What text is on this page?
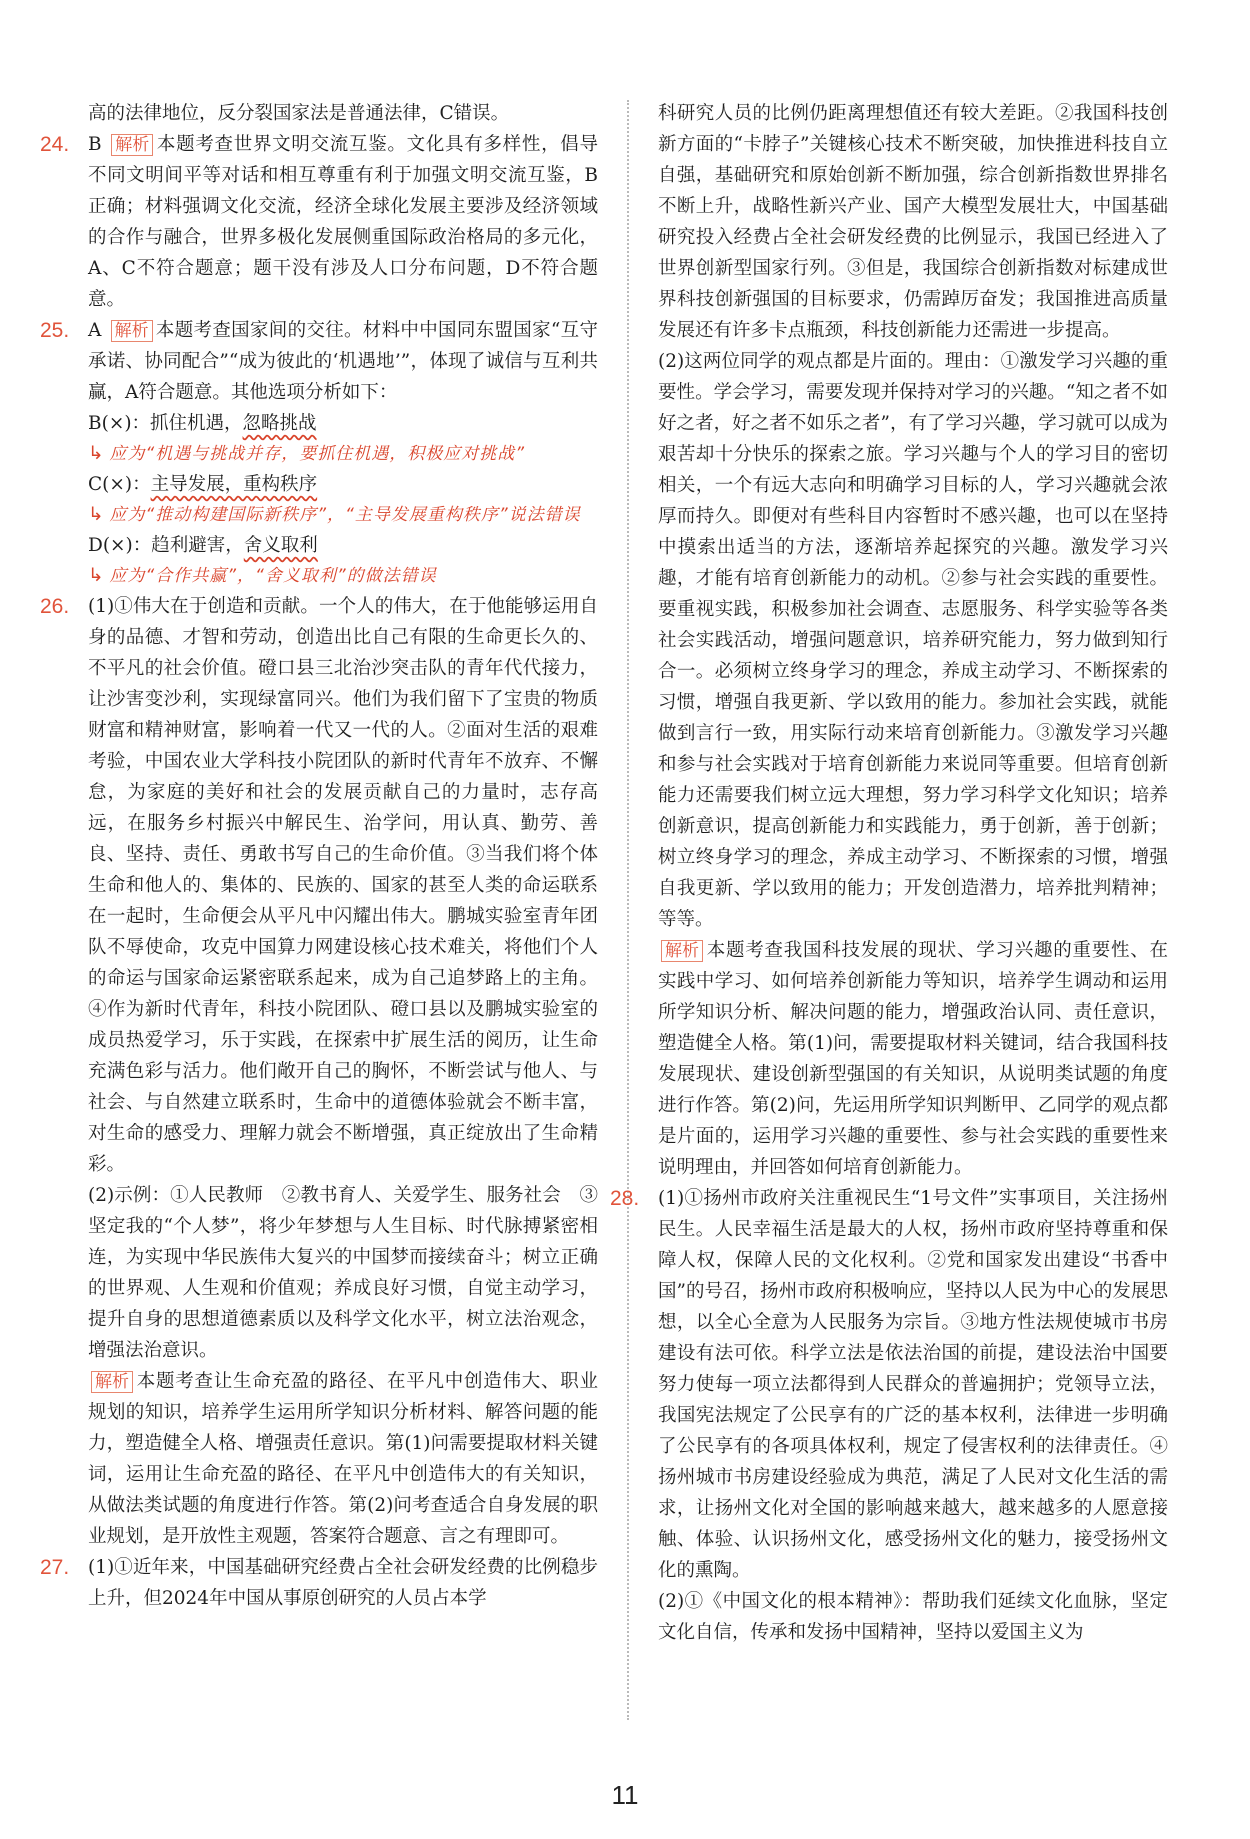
高的法律地位，反分裂国家法是普通法律，C错误。

24. B 解析 本题考查世界文明交流互鉴。文化具有多样性，倡导不同文明间平等对话和相互尊重有利于加强文明交流互鉴，B正确；材料强调文化交流，经济全球化发展主要涉及经济领域的合作与融合，世界多极化发展侧重国际政治格局的多元化，A、C不符合题意；题干没有涉及人口分布问题，D不符合题意。
25. A 解析 本题考查国家间的交往。材料中中国同东盟国家“互守承诺、协同配合”“成为彼此的‘机遇地’”，体现了诚信与互利共赢，A符合题意。其他选项分析如下：

B(×)：抓住机遇，忽略挑战

↳ 应为“机遇与挑战并存，要抓住机遇，积极应对挑战”

C(×)：主导发展，重构秩序

↳ 应为“推动构建国际新秩序”，“主导发展重构秩序”说法错误

D(×)：趋利避害，舍义取利

↳ 应为“合作共赢”，“舍义取利”的做法错误

26. (1)①伟大在于创造和贡献。一个人的伟大，在于他能够运用自身的品德、才智和劳动，创造出比自己有限的生命更长久的、不平凡的社会价值。磴口县三北治沙突击队的青年代代接力，让沙害变沙利，实现绿富同兴。他们为我们留下了宝贵的物质财富和精神财富，影响着一代又一代的人。②面对生活的艰难考验，中国农业大学科技小院团队的新时代青年不放弃、不懈怠，为家庭的美好和社会的发展贡献自己的力量时，志存高远，在服务乡村振兴中解民生、治学问，用认真、勤劳、善良、坚持、责任、勇敢书写自己的生命价值。③当我们将个体生命和他人的、集体的、民族的、国家的甚至人类的命运联系在一起时，生命便会从平凡中闪耀出伟大。鹏城实验室青年团队不辱使命，攻克中国算力网建设核心技术难关，将他们个人的命运与国家命运紧密联系起来，成为自己追梦路上的主角。④作为新时代青年，科技小院团队、磴口县以及鹏城实验室的成员热爱学习，乐于实践，在探索中扩展生活的阅历，让生命充满色彩与活力。他们敞开自己的胸怀，不断尝试与他人、与社会、与自然建立联系时，生命中的道德体验就会不断丰富，对生命的感受力、理解力就会不断增强，真正绽放出了生命精彩。

(2)示例：①人民教师　②教书育人、关爱学生、服务社会　③坚定我的“个人梦”，将少年梦想与人生目标、时代脉搏紧密相连，为实现中华民族伟大复兴的中国梦而接续奋斗；树立正确的世界观、人生观和价值观；养成良好习惯，自觉主动学习，提升自身的思想道德素质以及科学文化水平，树立法治观念，增强法治意识。

解析 本题考查让生命充盈的路径、在平凡中创造伟大、职业规划的知识，培养学生运用所学知识分析材料、解答问题的能力，塑造健全人格、增强责任意识。第(1)问需要提取材料关键词，运用让生命充盈的路径、在平凡中创造伟大的有关知识，从做法类试题的角度进行作答。第(2)问考查适合自身发展的职业规划，是开放性主观题，答案符合题意、言之有理即可。

27. (1)①近年来，中国基础研究经费占全社会研发经费的比例稳步上升，但2024年中国从事原创研究的人员占本学

科研究人员的比例仍距离理想值还有较大差距。②我国科技创新方面的“卡脖子”关键核心技术不断突破，加快推进科技自立自强，基础研究和原始创新不断加强，综合创新指数世界排名不断上升，战略性新兴产业、国产大模型发展壮大，中国基础研究投入经费占全社会研发经费的比例显示，我国已经进入了世界创新型国家行列。③但是，我国综合创新指数对标建成世界科技创新强国的目标要求，仍需踔厉奋发；我国推进高质量发展还有许多卡点瓶颈，科技创新能力还需进一步提高。

(2)这两位同学的观点都是片面的。理由：①激发学习兴趣的重要性。学会学习，需要发现并保持对学习的兴趣。“知之者不如好之者，好之者不如乐之者”，有了学习兴趣，学习就可以成为艰苦却十分快乐的探索之旅。学习兴趣与个人的学习目的密切相关，一个有远大志向和明确学习目标的人，学习兴趣就会浓厚而持久。即便对有些科目内容暂时不感兴趣，也可以在坚持中摸索出适当的方法，逐渐培养起探究的兴趣。激发学习兴趣，才能有培育创新能力的动机。②参与社会实践的重要性。要重视实践，积极参加社会调查、志愿服务、科学实验等各类社会实践活动，增强问题意识，培养研究能力，努力做到知行合一。必须树立终身学习的理念，养成主动学习、不断探索的习惯，增强自我更新、学以致用的能力。参加社会实践，就能做到言行一致，用实际行动来培育创新能力。③激发学习兴趣和参与社会实践对于培育创新能力来说同等重要。但培育创新能力还需要我们树立远大理想，努力学习科学文化知识；培养创新意识，提高创新能力和实践能力，勇于创新，善于创新；树立终身学习的理念，养成主动学习、不断探索的习惯，增强自我更新、学以致用的能力；开发创造潜力，培养批判精神；等等。

解析 本题考查我国科技发展的现状、学习兴趣的重要性、在实践中学习、如何培养创新能力等知识，培养学生调动和运用所学知识分析、解决问题的能力，增强政治认同、责任意识，塑造健全人格。第(1)问，需要提取材料关键词，结合我国科技发展现状、建设创新型强国的有关知识，从说明类试题的角度进行作答。第(2)问，先运用所学知识判断甲、乙同学的观点都是片面的，运用学习兴趣的重要性、参与社会实践的重要性来说明理由，并回答如何培育创新能力。

28. (1)①扬州市政府关注重视民生“1号文件”实事项目，关注扬州民生。人民幸福生活是最大的人权，扬州市政府坚持尊重和保障人权，保障人民的文化权利。②党和国家发出建设“书香中国”的号召，扬州市政府积极响应，坚持以人民为中心的发展思想，以全心全意为人民服务为宗旨。③地方性法规使城市书房建设有法可依。科学立法是依法治国的前提，建设法治中国要努力使每一项立法都得到人民群众的普遍拥护；党领导立法，我国宪法规定了公民享有的广泛的基本权利，法律进一步明确了公民享有的各项具体权利，规定了侵害权利的法律责任。④扬州城市书房建设经验成为典范，满足了人民对文化生活的需求，让扬州文化对全国的影响越来越大，越来越多的人愿意接触、体验、认识扬州文化，感受扬州文化的魅力，接受扬州文化的熏陶。

(2)①《中国文化的根本精神》：帮助我们延续文化血脉，坚定文化自信，传承和发扬中国精神，坚持以爱国主义为

11
